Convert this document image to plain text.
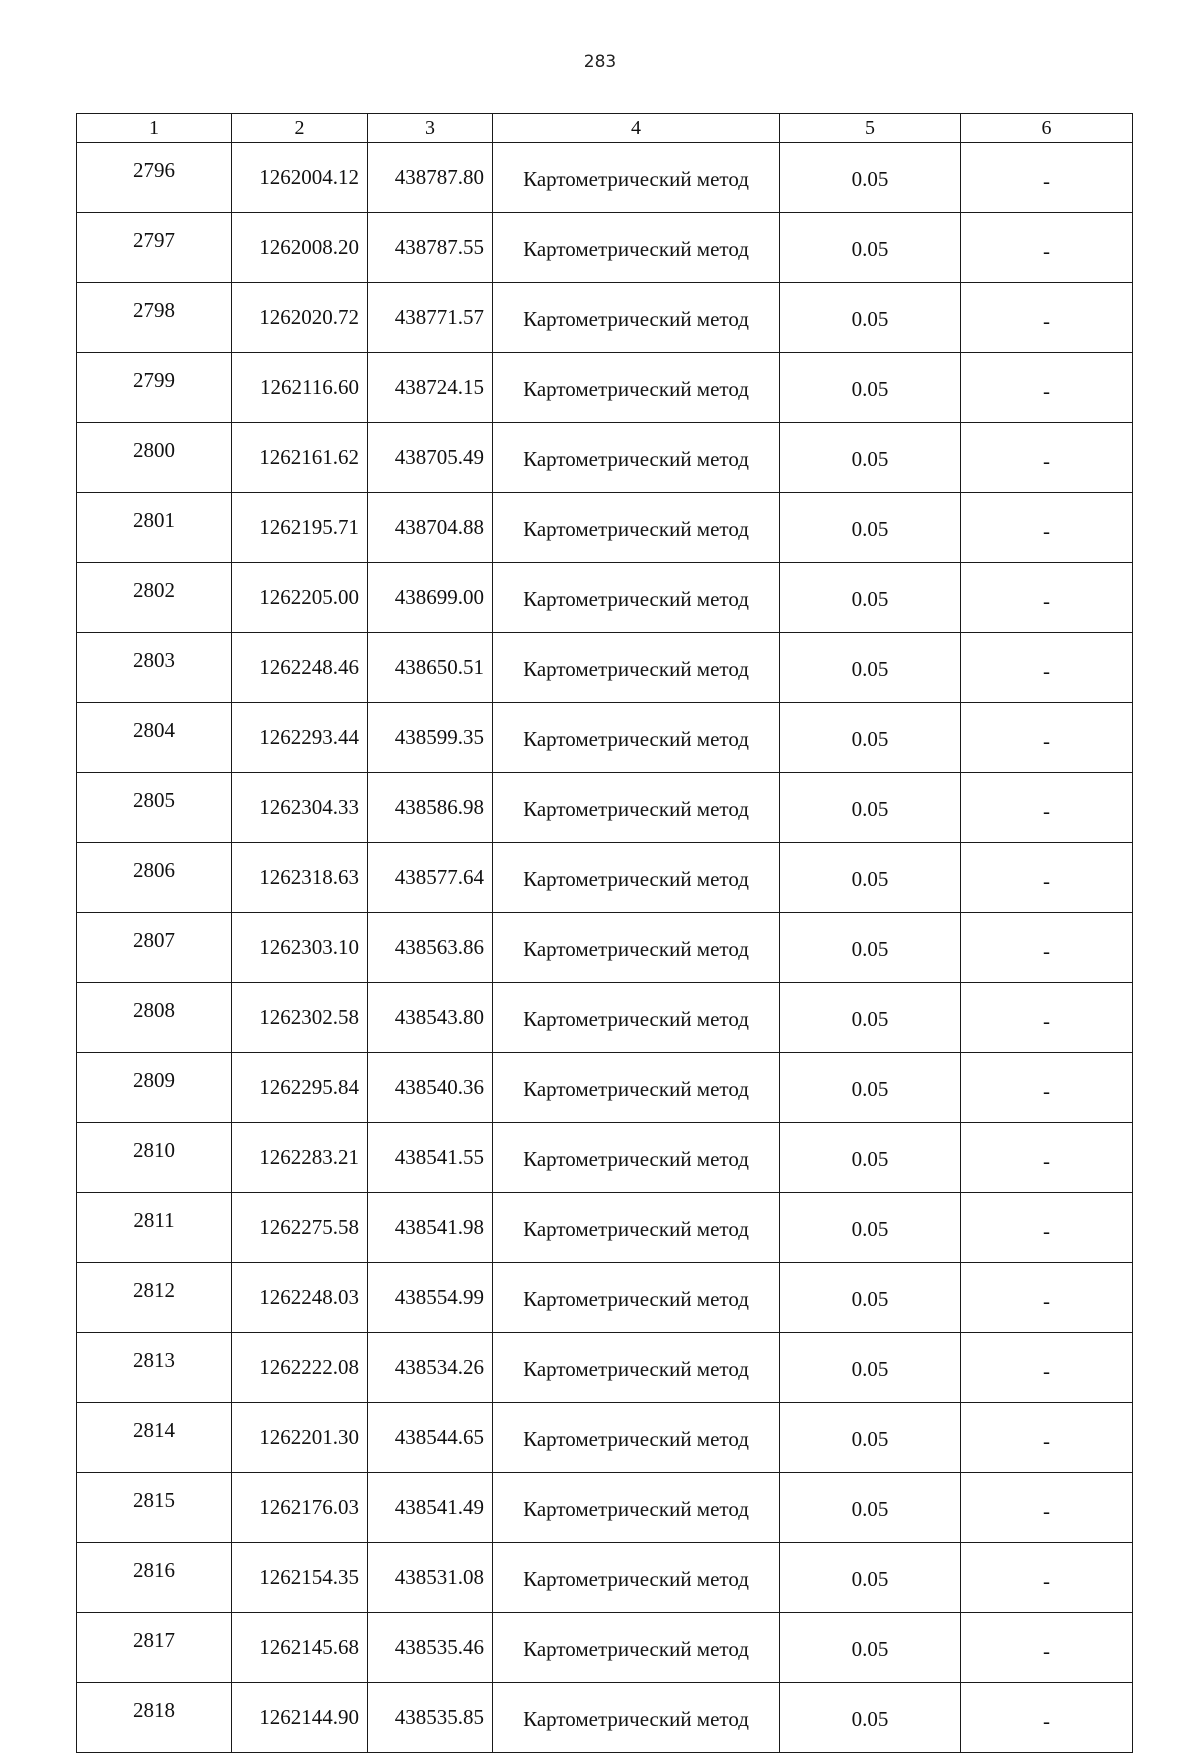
283
1	2	3	4	5	6
2796	1262004.12	438787.80	Картометрический метод	0.05	-
2797	1262008.20	438787.55	Картометрический метод	0.05	-
2798	1262020.72	438771.57	Картометрический метод	0.05	-
2799	1262116.60	438724.15	Картометрический метод	0.05	-
2800	1262161.62	438705.49	Картометрический метод	0.05	-
2801	1262195.71	438704.88	Картометрический метод	0.05	-
2802	1262205.00	438699.00	Картометрический метод	0.05	-
2803	1262248.46	438650.51	Картометрический метод	0.05	-
2804	1262293.44	438599.35	Картометрический метод	0.05	-
2805	1262304.33	438586.98	Картометрический метод	0.05	-
2806	1262318.63	438577.64	Картометрический метод	0.05	-
2807	1262303.10	438563.86	Картометрический метод	0.05	-
2808	1262302.58	438543.80	Картометрический метод	0.05	-
2809	1262295.84	438540.36	Картометрический метод	0.05	-
2810	1262283.21	438541.55	Картометрический метод	0.05	-
2811	1262275.58	438541.98	Картометрический метод	0.05	-
2812	1262248.03	438554.99	Картометрический метод	0.05	-
2813	1262222.08	438534.26	Картометрический метод	0.05	-
2814	1262201.30	438544.65	Картометрический метод	0.05	-
2815	1262176.03	438541.49	Картометрический метод	0.05	-
2816	1262154.35	438531.08	Картометрический метод	0.05	-
2817	1262145.68	438535.46	Картометрический метод	0.05	-
2818	1262144.90	438535.85	Картометрический метод	0.05	-
